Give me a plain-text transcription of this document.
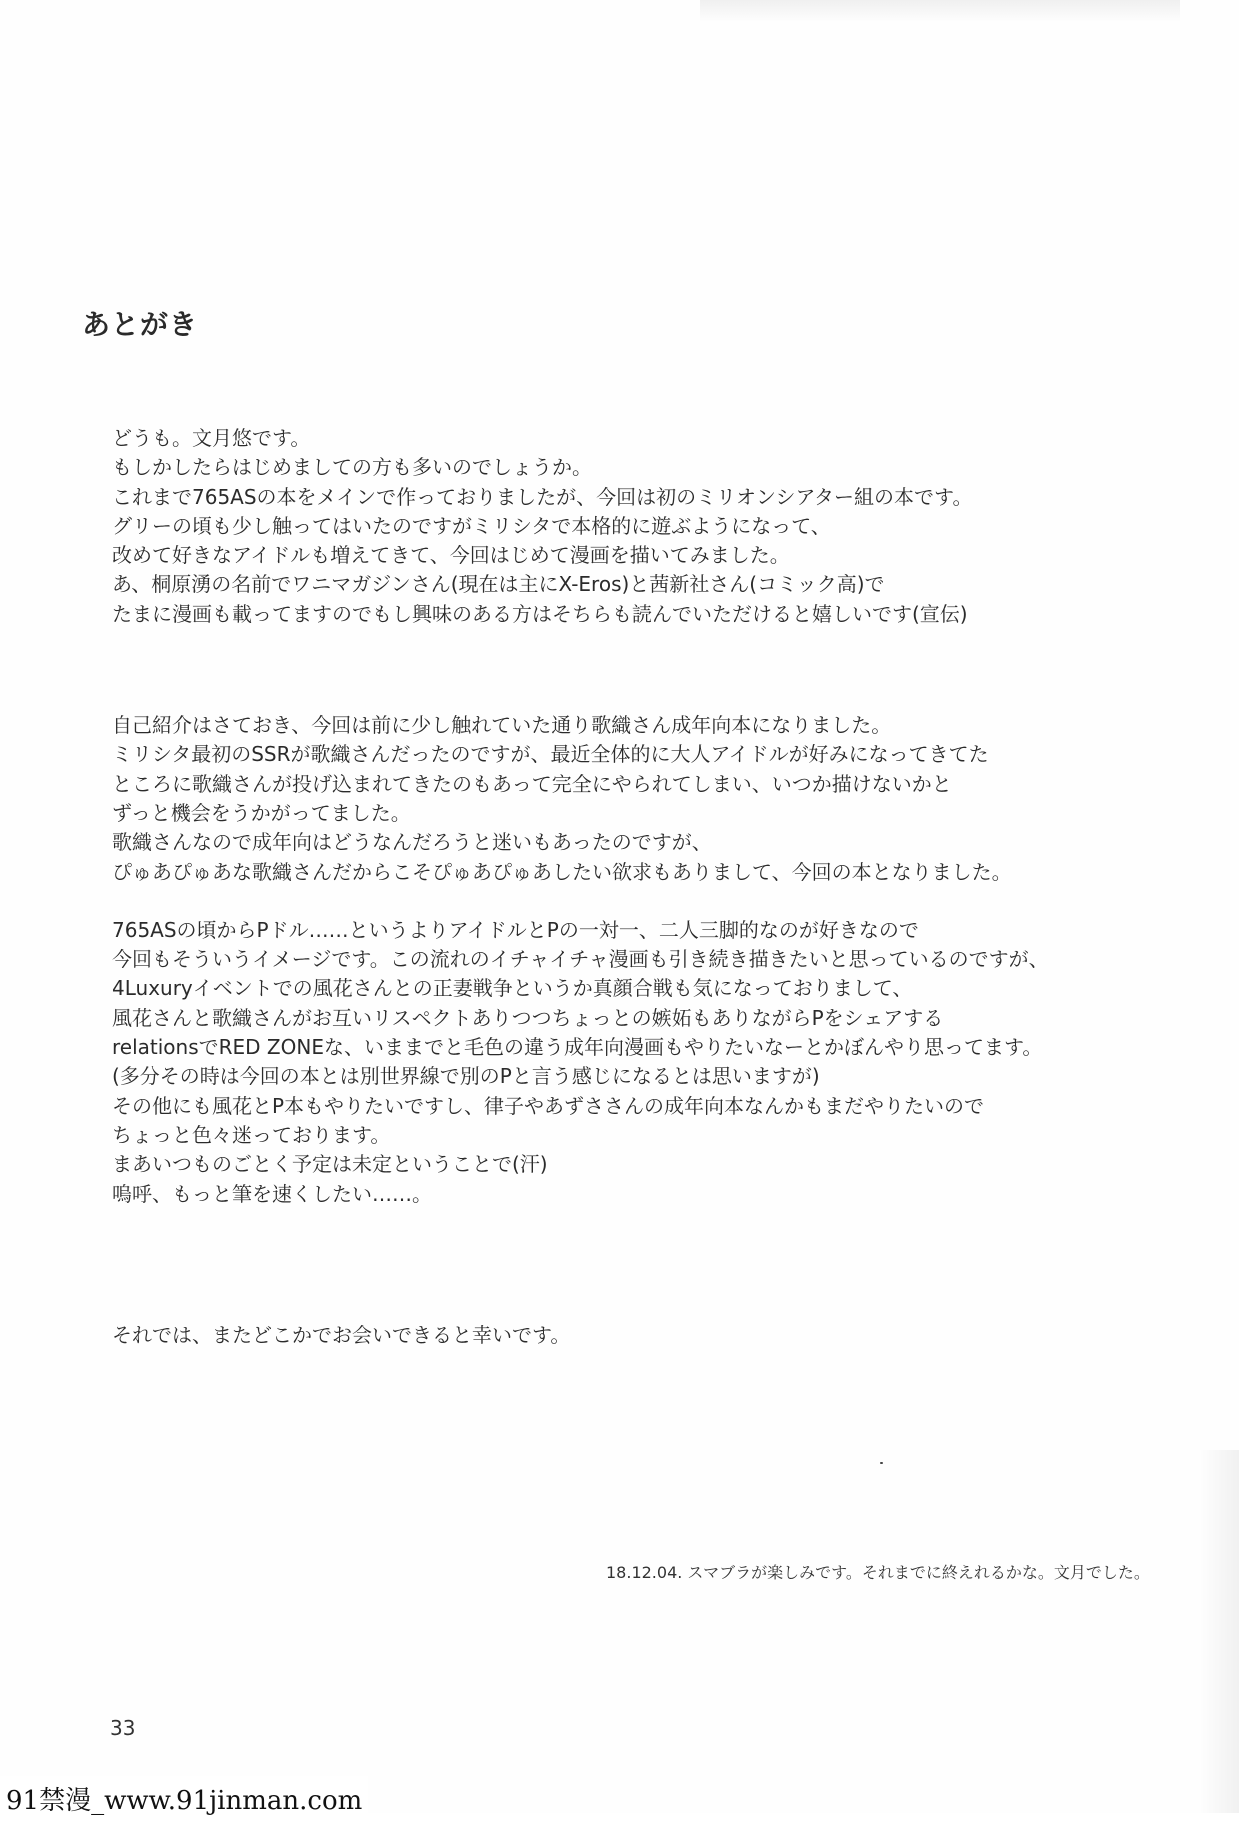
あとがき
どうも。文月悠です。
もしかしたらはじめましての方も多いのでしょうか。
これまで765ASの本をメインで作っておりましたが、今回は初のミリオンシアター組の本です。
グリーの頃も少し触ってはいたのですがミリシタで本格的に遊ぶようになって、
改めて好きなアイドルも増えてきて、今回はじめて漫画を描いてみました。
あ、桐原湧の名前でワニマガジンさん(現在は主にX-Eros)と茜新社さん(コミック高)で
たまに漫画も載ってますのでもし興味のある方はそちらも読んでいただけると嬉しいです(宣伝)
自己紹介はさておき、今回は前に少し触れていた通り歌織さん成年向本になりました。
ミリシタ最初のSSRが歌織さんだったのですが、最近全体的に大人アイドルが好みになってきてた
ところに歌織さんが投げ込まれてきたのもあって完全にやられてしまい、いつか描けないかと
ずっと機会をうかがってました。
歌織さんなので成年向はどうなんだろうと迷いもあったのですが、
ぴゅあぴゅあな歌織さんだからこそぴゅあぴゅあしたい欲求もありまして、今回の本となりました。
765ASの頃からPドル……というよりアイドルとPの一対一、二人三脚的なのが好きなので
今回もそういうイメージです。この流れのイチャイチャ漫画も引き続き描きたいと思っているのですが、
4Luxuryイベントでの風花さんとの正妻戦争というか真顔合戦も気になっておりまして、
風花さんと歌織さんがお互いリスペクトありつつちょっとの嫉妬もありながらPをシェアする
relationsでRED ZONEな、いままでと毛色の違う成年向漫画もやりたいなーとかぼんやり思ってます。
(多分その時は今回の本とは別世界線で別のPと言う感じになるとは思いますが)
その他にも風花とP本もやりたいですし、律子やあずささんの成年向本なんかもまだやりたいので
ちょっと色々迷っております。
まあいつものごとく予定は未定ということで(汗)
嗚呼、もっと筆を速くしたい……。
それでは、またどこかでお会いできると幸いです。
18.12.04. スマブラが楽しみです。それまでに終えれるかな。文月でした。
33
91禁漫_www.91jinman.com
